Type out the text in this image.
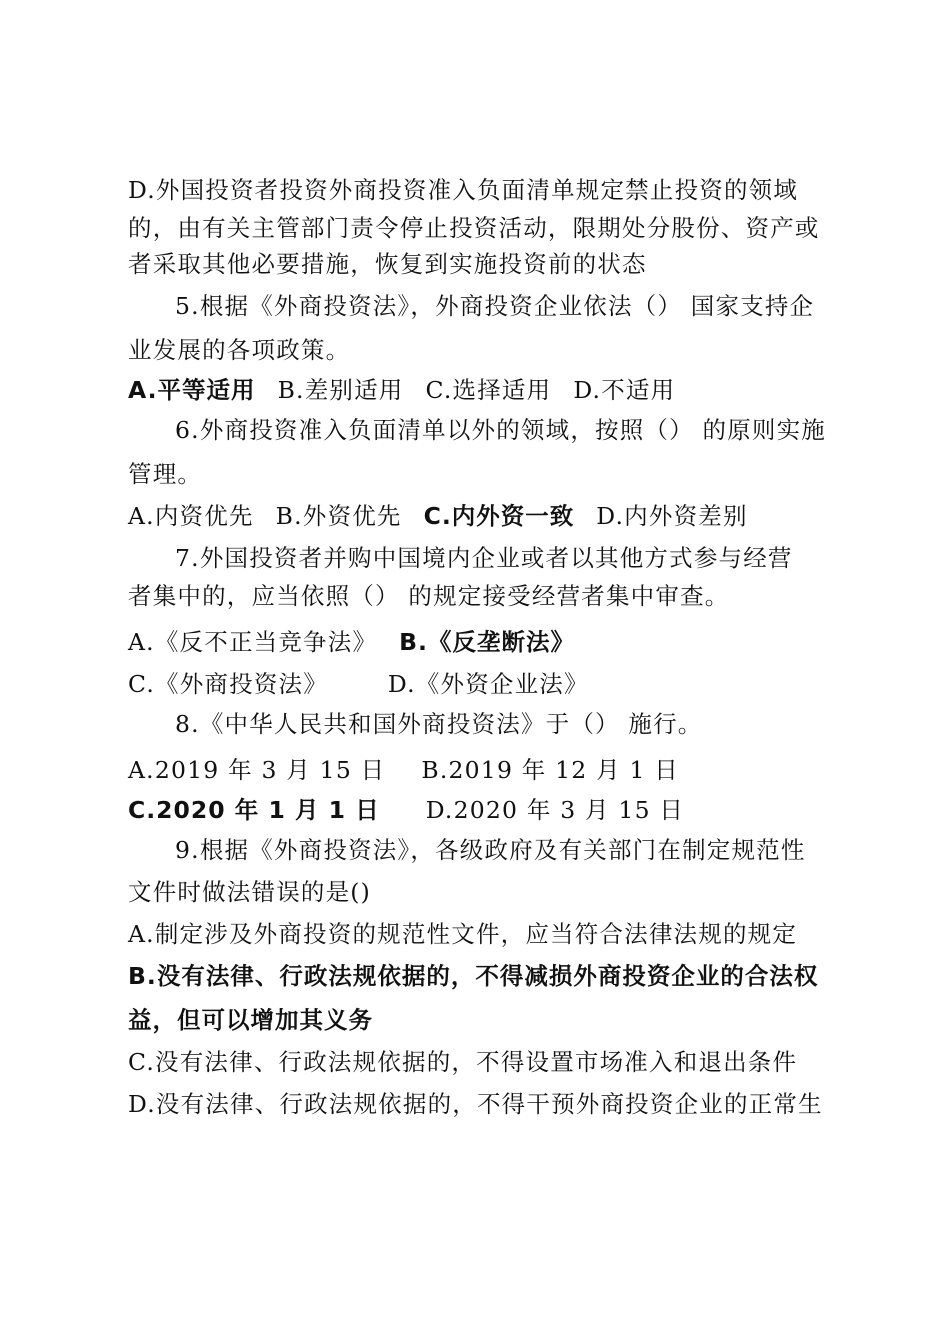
D.外国投资者投资外商投资准入负面清单规定禁止投资的领域
的，由有关主管部门责令停止投资活动，限期处分股份、资产或
者采取其他必要措施，恢复到实施投资前的状态
5.根据《外商投资法》，外商投资企业依法（） 国家支持企
业发展的各项政策。
A.平等适用 B.差别适用 C.选择适用 D.不适用
6.外商投资准入负面清单以外的领域，按照（） 的原则实施
管理。
A.内资优先 B.外资优先 C.内外资一致 D.内外资差别
7.外国投资者并购中国境内企业或者以其他方式参与经营
者集中的，应当依照（） 的规定接受经营者集中审查。
A.《反不正当竞争法》 B.《反垄断法》
C.《外商投资法》	D.《外资企业法》
8.《中华人民共和国外商投资法》于（） 施行。
A.2019 年 3 月 15 日 B.2019 年 12 月 1 日
C.2020 年 1 月 1 日 D.2020 年 3 月 15 日
9.根据《外商投资法》，各级政府及有关部门在制定规范性
文件时做法错误的是()
A.制定涉及外商投资的规范性文件，应当符合法律法规的规定
B.没有法律、行政法规依据的，不得减损外商投资企业的合法权
益，但可以增加其义务
C.没有法律、行政法规依据的，不得设置市场准入和退出条件
D.没有法律、行政法规依据的，不得干预外商投资企业的正常生
